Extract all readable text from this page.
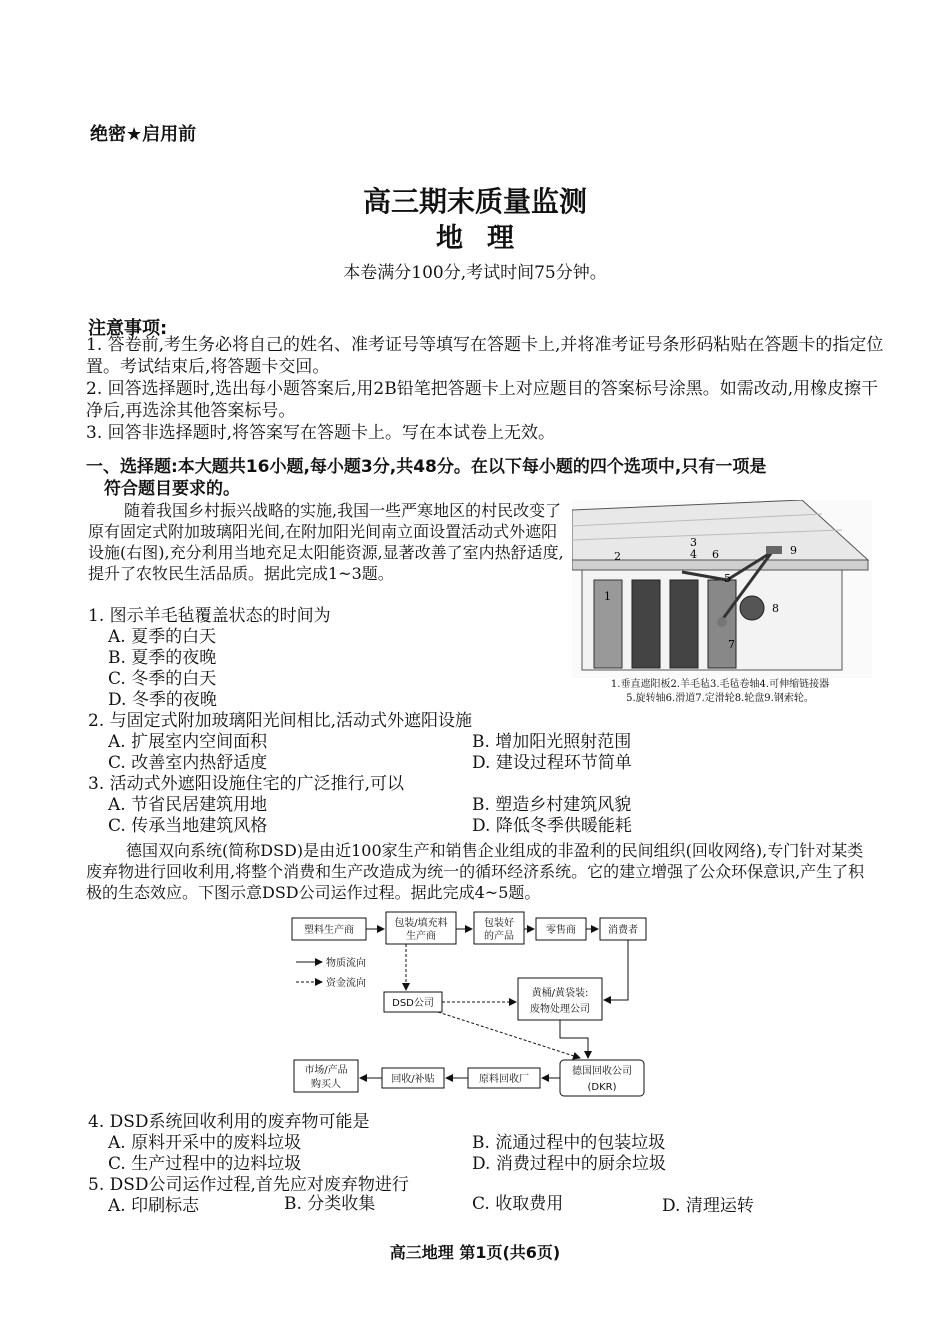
绝密★启用前
高三期末质量监测
地理
本卷满分100分,考试时间75分钟。
注意事项:
1. 答卷前,考生务必将自己的姓名、准考证号等填写在答题卡上,并将准考证号条形码粘贴在答题卡的指定位置。考试结束后,将答题卡交回。
2. 回答选择题时,选出每小题答案后,用2B铅笔把答题卡上对应题目的答案标号涂黑。如需改动,用橡皮擦干净后,再选涂其他答案标号。
3. 回答非选择题时,将答案写在答题卡上。写在本试卷上无效。
一、选择题:本大题共16小题,每小题3分,共48分。在以下每小题的四个选项中,只有一项是
符合题目要求的。
随着我国乡村振兴战略的实施,我国一些严寒地区的村民改变了原有固定式附加玻璃阳光间,在附加阳光间南立面设置活动式外遮阳设施(右图),充分利用当地充足太阳能资源,显著改善了室内热舒适度,提升了农牧民生活品质。据此完成1~3题。
1
2
3
4
5
6
7
8
9
1.垂直遮阳板2.羊毛毡3.毛毡卷轴4.可伸缩链接器
5.旋转轴6.滑道7.定滑轮8.轮盘9.钢索轮。
1. 图示羊毛毡覆盖状态的时间为
A. 夏季的白天
B. 夏季的夜晚
C. 冬季的白天
D. 冬季的夜晚
2. 与固定式附加玻璃阳光间相比,活动式外遮阳设施
A. 扩展室内空间面积	B. 增加阳光照射范围
C. 改善室内热舒适度	D. 建设过程环节简单
3. 活动式外遮阳设施住宅的广泛推行,可以
A. 节省民居建筑用地	B. 塑造乡村建筑风貌
C. 传承当地建筑风格	D. 降低冬季供暖能耗
德国双向系统(简称DSD)是由近100家生产和销售企业组成的非盈利的民间组织(回收网络),专门针对某类废弃物进行回收利用,将整个消费和生产改造成为统一的循环经济系统。它的建立增强了公众环保意识,产生了积极的生态效应。下图示意DSD公司运作过程。据此完成4~5题。
塑料生产商
包装/填充料
生产商
包装好
的产品
零售商	消费者
物质流向
资金流向
DSD公司
黄桶/黄袋装:
废物处理公司
市场/产品
购买人	回收/补贴	原料回收厂
德国回收公司
(DKR)
4. DSD系统回收利用的废弃物可能是
A. 原料开采中的废料垃圾	B. 流通过程中的包装垃圾
C. 生产过程中的边料垃圾	D. 消费过程中的厨余垃圾
5. DSD公司运作过程,首先应对废弃物进行
A. 印刷标志	B. 分类收集	C. 收取费用	D. 清理运转
高三地理 第1页(共6页)
